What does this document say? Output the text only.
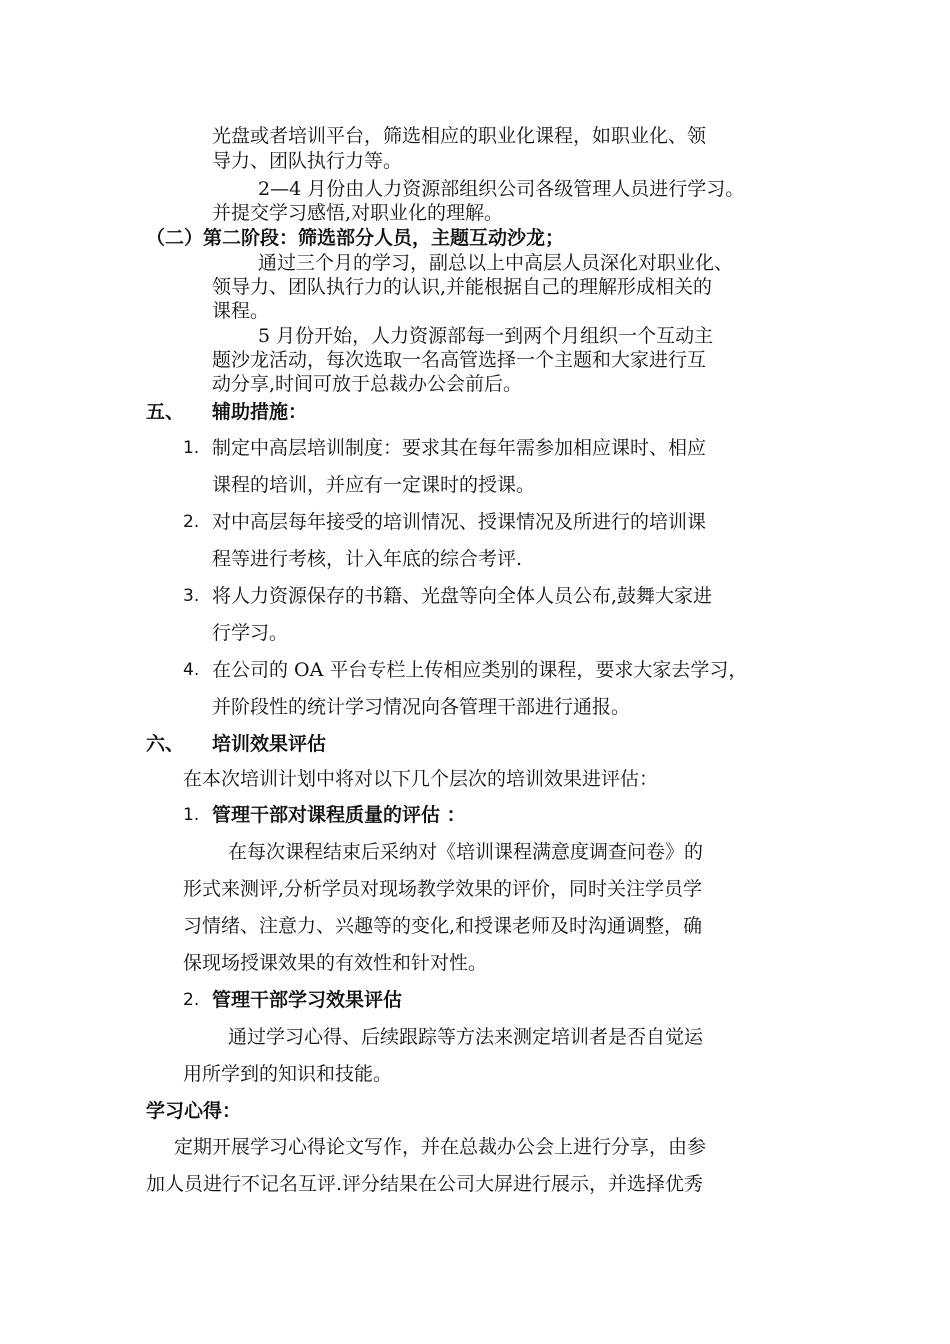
光盘或者培训平台，筛选相应的职业化课程，如职业化、领
导力、团队执行力等。
2—4 月份由人力资源部组织公司各级管理人员进行学习。
并提交学习感悟,对职业化的理解。
（二）第二阶段：筛选部分人员，主题互动沙龙；
通过三个月的学习，副总以上中高层人员深化对职业化、
领导力、团队执行力的认识,并能根据自己的理解形成相关的
课程。
5 月份开始，人力资源部每一到两个月组织一个互动主
题沙龙活动，每次选取一名高管选择一个主题和大家进行互
动分享,时间可放于总裁办公会前后。
五、 辅助措施：
1. 制定中高层培训制度：要求其在每年需参加相应课时、相应
课程的培训，并应有一定课时的授课。
2. 对中高层每年接受的培训情况、授课情况及所进行的培训课
程等进行考核，计入年底的综合考评.
3. 将人力资源保存的书籍、光盘等向全体人员公布,鼓舞大家进
行学习。
4. 在公司的 OA 平台专栏上传相应类别的课程，要求大家去学习，
并阶段性的统计学习情况向各管理干部进行通报。
六、 培训效果评估
在本次培训计划中将对以下几个层次的培训效果进评估：
1. 管理干部对课程质量的评估 ：
在每次课程结束后采纳对《培训课程满意度调查问卷》的
形式来测评,分析学员对现场教学效果的评价，同时关注学员学
习情绪、注意力、兴趣等的变化,和授课老师及时沟通调整，确
保现场授课效果的有效性和针对性。
2. 管理干部学习效果评估
通过学习心得、后续跟踪等方法来测定培训者是否自觉运
用所学到的知识和技能。
学习心得：
定期开展学习心得论文写作，并在总裁办公会上进行分享，由参
加人员进行不记名互评.评分结果在公司大屏进行展示，并选择优秀
